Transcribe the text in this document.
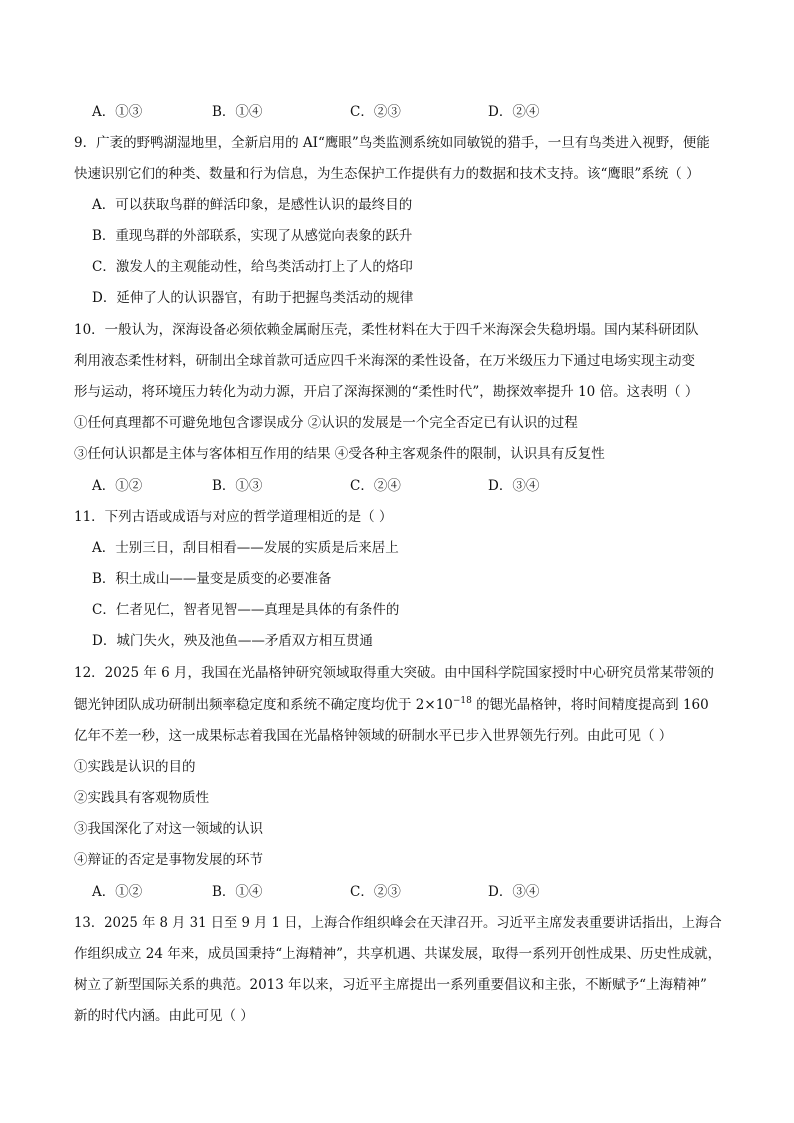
A．①③	B．①④	C．②③	D．②④
9．广袤的野鸭湖湿地里，全新启用的 AI“鹰眼”鸟类监测系统如同敏锐的猎手，一旦有鸟类进入视野，便能
快速识别它们的种类、数量和行为信息，为生态保护工作提供有力的数据和技术支持。该“鹰眼”系统（ ）
A．可以获取鸟群的鲜活印象，是感性认识的最终目的
B．重现鸟群的外部联系，实现了从感觉向表象的跃升
C．激发人的主观能动性，给鸟类活动打上了人的烙印
D．延伸了人的认识器官，有助于把握鸟类活动的规律
10．一般认为，深海设备必须依赖金属耐压壳，柔性材料在大于四千米海深会失稳坍塌。国内某科研团队
利用液态柔性材料，研制出全球首款可适应四千米海深的柔性设备，在万米级压力下通过电场实现主动变
形与运动，将环境压力转化为动力源，开启了深海探测的“柔性时代”，勘探效率提升 10 倍。这表明（ ）
①任何真理都不可避免地包含谬误成分 ②认识的发展是一个完全否定已有认识的过程
③任何认识都是主体与客体相互作用的结果 ④受各种主客观条件的限制，认识具有反复性
A．①②	B．①③	C．②④	D．③④
11．下列古语或成语与对应的哲学道理相近的是（ ）
A．士别三日，刮目相看——发展的实质是后来居上
B．积土成山——量变是质变的必要准备
C．仁者见仁，智者见智——真理是具体的有条件的
D．城门失火，殃及池鱼——矛盾双方相互贯通
12．2025 年 6 月，我国在光晶格钟研究领域取得重大突破。由中国科学院国家授时中心研究员常某带领的
锶光钟团队成功研制出频率稳定度和系统不确定度均优于 $2\times 10^{-18}$ 的锶光晶格钟，将时间精度提高到 160
亿年不差一秒，这一成果标志着我国在光晶格钟领域的研制水平已步入世界领先行列。由此可见（ ）
①实践是认识的目的
②实践具有客观物质性
③我国深化了对这一领域的认识
④辩证的否定是事物发展的环节
A．①②	B．①④	C．②③	D．③④
13．2025 年 8 月 31 日至 9 月 1 日，上海合作组织峰会在天津召开。习近平主席发表重要讲话指出，上海合
作组织成立 24 年来，成员国秉持“上海精神”，共享机遇、共谋发展，取得一系列开创性成果、历史性成就，
树立了新型国际关系的典范。2013 年以来，习近平主席提出一系列重要倡议和主张，不断赋予“上海精神”
新的时代内涵。由此可见（ ）
